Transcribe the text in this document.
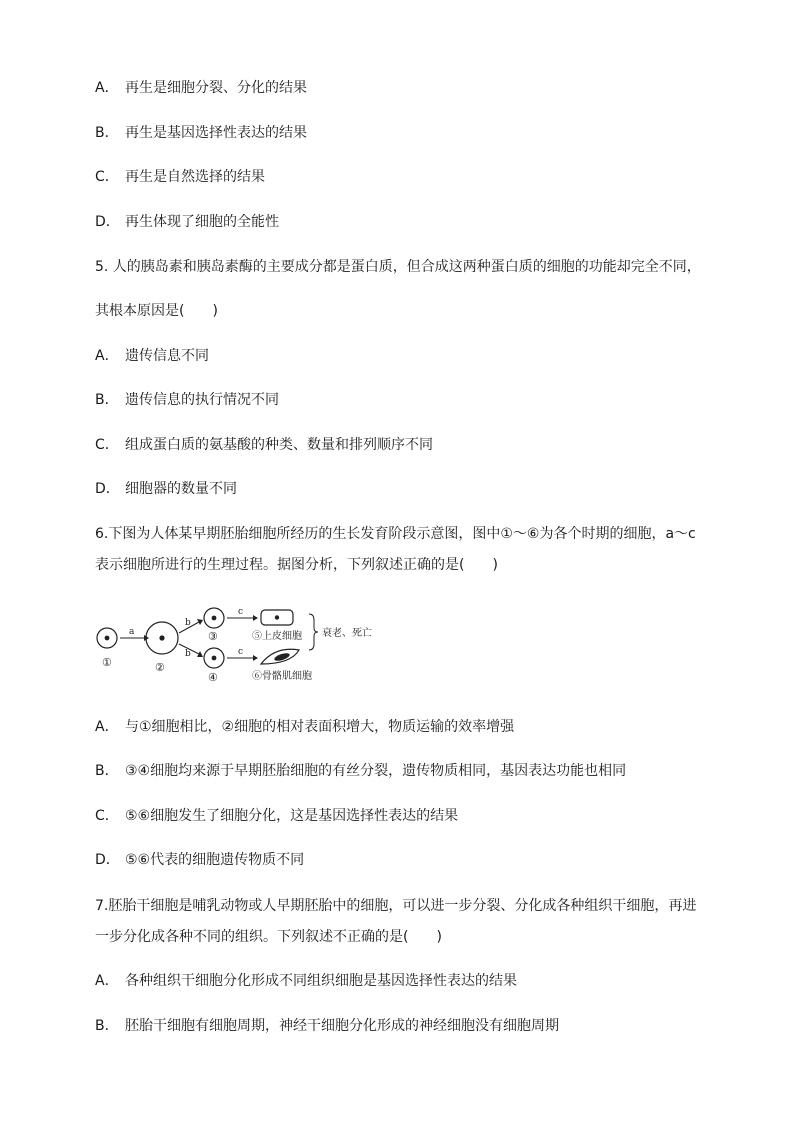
A． 再生是细胞分裂、分化的结果
B． 再生是基因选择性表达的结果
C． 再生是自然选择的结果
D． 再生体现了细胞的全能性
5. 人的胰岛素和胰岛素酶的主要成分都是蛋白质，但合成这两种蛋白质的细胞的功能却完全不同，
其根本原因是(　　)
A． 遗传信息不同
B． 遗传信息的执行情况不同
C． 组成蛋白质的氨基酸的种类、数量和排列顺序不同
D． 细胞器的数量不同
6.下图为人体某早期胚胎细胞所经历的生长发育阶段示意图，图中①～⑥为各个时期的细胞，a～c
表示细胞所进行的生理过程。据图分析，下列叙述正确的是(　　)
①
a
②
b
b
③
④
c
c
⑤上皮细胞
⑥骨骼肌细胞
衰老、死亡
A． 与①细胞相比，②细胞的相对表面积增大，物质运输的效率增强
B． ③④细胞均来源于早期胚胎细胞的有丝分裂，遗传物质相同，基因表达功能也相同
C． ⑤⑥细胞发生了细胞分化，这是基因选择性表达的结果
D． ⑤⑥代表的细胞遗传物质不同
7.胚胎干细胞是哺乳动物或人早期胚胎中的细胞，可以进一步分裂、分化成各种组织干细胞，再进
一步分化成各种不同的组织。下列叙述不正确的是(　　)
A． 各种组织干细胞分化形成不同组织细胞是基因选择性表达的结果
B． 胚胎干细胞有细胞周期，神经干细胞分化形成的神经细胞没有细胞周期
